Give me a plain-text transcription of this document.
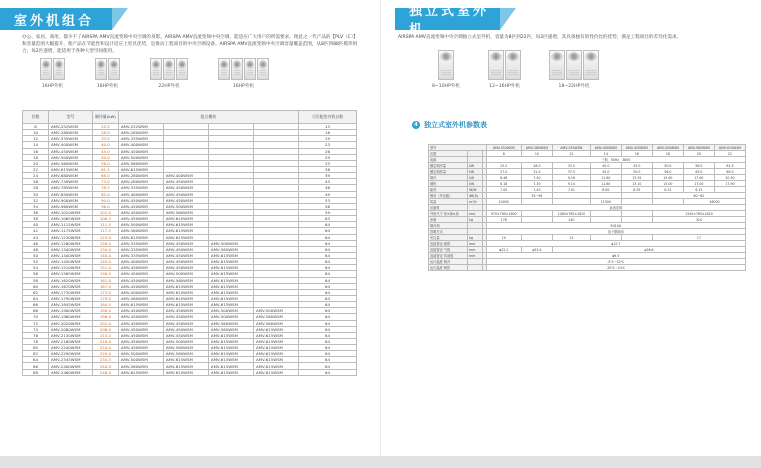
室外机组合
办公、家居、商用，都少不了AIRSPA AMV直流变频中央空调的身影。AIRSPA AMV直流变频中央空调，能适应广大用户的所需要求。现此之一代产品的【PLV（C）】和容量范围大幅提升，使产品在节能性和设计适应上更具优势，是推动工程项目的中央空调设备。AIRSPA AMV直流变频中央空调容量覆盖范围，从8匹到88匹模块组合，每2匹递增，能适用于各种大型空间使用。
16HP外机	18HP外机	22HP外机	16HP外机
匹数	型号	制冷量(kW)	组合模块				可匹配室内机台数
8	AMV-252WSM	25.2	AMV-252WSM				13
10	AMV-280WSM	28.0	AMV-280WSM				16
12	AMV-335WSM	33.5	AMV-335WSM				19
14	AMV-400WSM	40.0	AMV-400WSM				23
16	AMV-450WSM	45.0	AMV-450WSM				26
18	AMV-500WSM	50.0	AMV-500WSM				29
20	AMV-560WSM	56.0	AMV-560WSM				33
22	AMV-615WSM	61.5	AMV-615WSM				36
24	AMV-680WSM	68.0	AMV-280WSM	AMV-400WSM			39
26	AMV-730WSM	73.0	AMV-280WSM	AMV-450WSM			43
28	AMV-785WSM	78.5	AMV-335WSM	AMV-450WSM			46
30	AMV-850WSM	85.0	AMV-400WSM	AMV-450WSM			49
32	AMV-900WSM	90.0	AMV-450WSM	AMV-450WSM			53
34	AMV-960WSM	96.0	AMV-450WSM	AMV-500WSM			56
36	AMV-1010WSM	101.0	AMV-450WSM	AMV-560WSM			59
38	AMV-1065WSM	106.5	AMV-450WSM	AMV-615WSM			63
40	AMV-1115WSM	111.5	AMV-500WSM	AMV-615WSM			64
42	AMV-1175WSM	117.5	AMV-560WSM	AMV-615WSM			64
44	AMV-1230WSM	123.0	AMV-615WSM	AMV-615WSM			64
46	AMV-1280WSM	128.0	AMV-335WSM	AMV-450WSM	AMV-500WSM		64
48	AMV-1340WSM	134.0	AMV-335WSM	AMV-450WSM	AMV-560WSM		64
50	AMV-1400WSM	140.0	AMV-335WSM	AMV-450WSM	AMV-615WSM		64
52	AMV-1450WSM	145.0	AMV-400WSM	AMV-450WSM	AMV-615WSM		64
54	AMV-1510WSM	151.0	AMV-450WSM	AMV-450WSM	AMV-615WSM		64
56	AMV-1565WSM	156.5	AMV-450WSM	AMV-500WSM	AMV-615WSM		64
58	AMV-1610WSM	161.0	AMV-450WSM	AMV-560WSM	AMV-615WSM		64
60	AMV-1670WSM	167.0	AMV-450WSM	AMV-615WSM	AMV-615WSM		64
62	AMV-1730WSM	173.0	AMV-500WSM	AMV-615WSM	AMV-615WSM		64
64	AMV-1790WSM	179.0	AMV-560WSM	AMV-615WSM	AMV-615WSM		64
66	AMV-1845WSM	184.5	AMV-615WSM	AMV-615WSM	AMV-615WSM		64
68	AMV-1900WSM	190.0	AMV-450WSM	AMV-450WSM	AMV-500WSM	AMV-500WSM	64
70	AMV-1960WSM	196.0	AMV-450WSM	AMV-450WSM	AMV-500WSM	AMV-560WSM	64
72	AMV-2020WSM	202.0	AMV-450WSM	AMV-450WSM	AMV-560WSM	AMV-560WSM	64
74	AMV-2080WSM	208.0	AMV-450WSM	AMV-450WSM	AMV-560WSM	AMV-615WSM	64
76	AMV-2130WSM	213.0	AMV-450WSM	AMV-450WSM	AMV-615WSM	AMV-615WSM	64
78	AMV-2180WSM	218.0	AMV-450WSM	AMV-500WSM	AMV-615WSM	AMV-615WSM	64
80	AMV-2240WSM	224.0	AMV-450WSM	AMV-560WSM	AMV-615WSM	AMV-615WSM	64
82	AMV-2290WSM	229.0	AMV-500WSM	AMV-560WSM	AMV-615WSM	AMV-615WSM	64
84	AMV-2345WSM	234.5	AMV-500WSM	AMV-615WSM	AMV-615WSM	AMV-615WSM	64
86	AMV-2400WSM	240.0	AMV-560WSM	AMV-615WSM	AMV-615WSM	AMV-615WSM	64
88	AMV-2460WSM	246.0	AMV-615WSM	AMV-615WSM	AMV-615WSM	AMV-615WSM	64
独立式室外机
AIRSPA AMV直流变频中央空调独立式室外机，容量为8匹到22匹，每2匹递增，其具备独有的性价比的优势，满足工程项目的差异化需求。
8~10HP外机	12~16HP外机	18~22HP外机
4 独立式室外机参数表
型号			AMV-252WSM	AMV-280WSM	AMV-335WSM	AMV-400WSM	AMV-450WSM	AMV-500WSM	AMV-560WSM	AMV-615WSM
匹数			8	10	12	14	16	18	20	22
电源			三相、50Hz、380V							
额定制冷量	kW		25.2	28.0	33.5	40.0	45.0	50.0	56.0	61.5
额定制热量	kW		27.0	31.5	37.5	45.0	50.0	56.0	63.0	69.0
制冷	kW		6.46	7.40	9.16	11.60	13.55	15.90	17.90	20.50
制热	kW		6.18	7.30	9.14	11.60	13.10	15.00	17.00	17.90
能效	W/W		7.00	7.40	7.01	6.65	6.35	6.15	6.15	
噪音（声压级）	dB(A)			55~58				60~62		
风量	m³/h		10000			11500			16000	
压缩机			直流变频							
外形尺寸 宽×深×高	mm		970×765×1600		1280×765×1620			1340×765×1620		
净重	kg		178		240			324		
制冷剂			R410A							
控制方式			电子膨胀阀							
充注量	kg		10		13			17		
连接管径 液管	mm		φ12.7							
连接管径 气管	mm		φ22.2	φ25.4	φ28.6					
连接管径 均油管	mm		φ9.5							
运行温度 制冷			-5℃~52℃							
运行温度 制热			-20℃~24℃							
